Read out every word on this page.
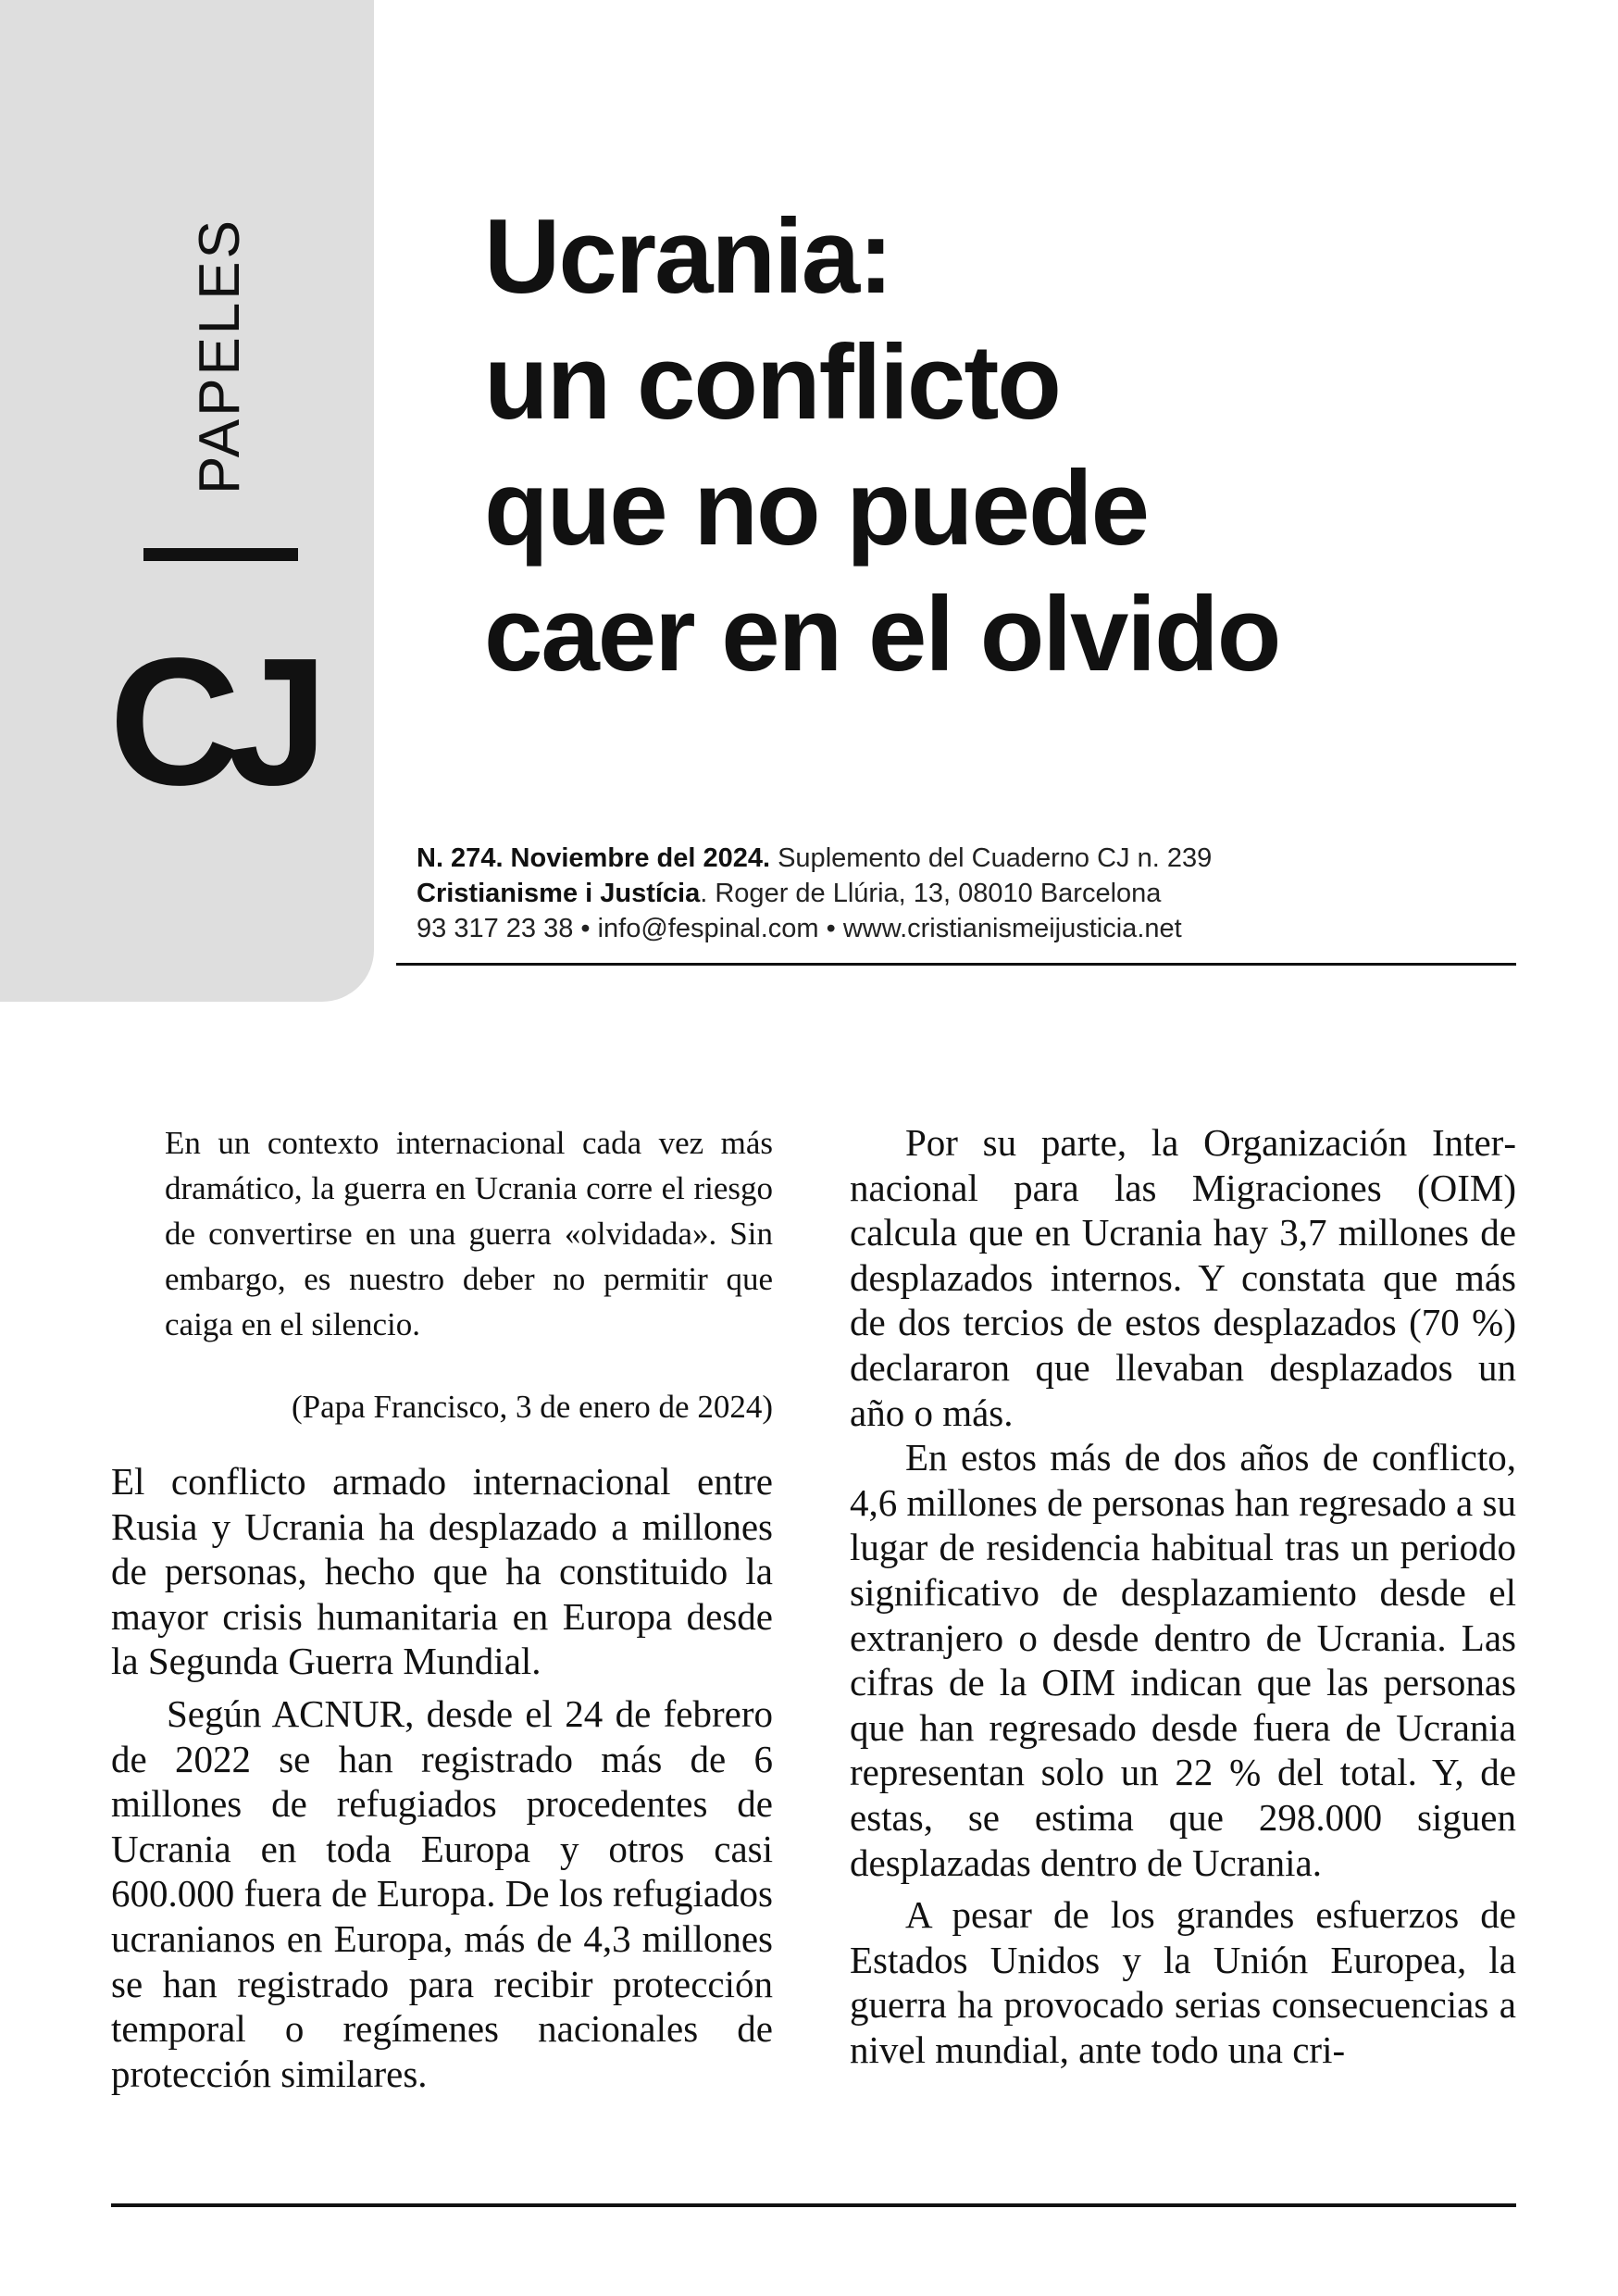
PAPELES
CJ
Ucrania:
un conflicto
que no puede
caer en el olvido
N. 274. Noviembre del 2024. Suplemento del Cuaderno CJ n. 239
Cristianisme i Justícia. Roger de Llúria, 13, 08010 Barcelona
93 317 23 38 • info@fespinal.com • www.cristianismeijusticia.net
En un contexto internacional cada vez más dramático, la guerra en Ucrania corre el riesgo de convertirse en una guerra «olvidada». Sin embargo, es nuestro deber no permitir que caiga en el silencio.
(Papa Francisco, 3 de enero de 2024)

El conflicto armado internacional entre Rusia y Ucrania ha desplazado a millones de personas, hecho que ha constituido la mayor crisis humanitaria en Europa desde la Segunda Guerra Mundial.

Según ACNUR, desde el 24 de febrero de 2022 se han registrado más de 6 millones de refugiados procedentes de Ucrania en toda Europa y otros casi 600.000 fuera de Europa. De los refugiados ucranianos en Europa, más de 4,3 millones se han registrado para recibir protección temporal o regímenes nacionales de protección similares.

Por su parte, la Organización Internacional para las Migraciones (OIM) calcula que en Ucrania hay 3,7 millones de desplazados internos. Y constata que más de dos tercios de estos desplazados (70 %) declararon que llevaban desplazados un año o más.

En estos más de dos años de conflicto, 4,6 millones de personas han regresado a su lugar de residencia habitual tras un periodo significativo de desplazamiento desde el extranjero o desde dentro de Ucrania. Las cifras de la OIM indican que las personas que han regresado desde fuera de Ucrania representan solo un 22 % del total. Y, de estas, se estima que 298.000 siguen desplazadas dentro de Ucrania.

A pesar de los grandes esfuerzos de Estados Unidos y la Unión Europea, la guerra ha provocado serias consecuencias a nivel mundial, ante todo una cri-
